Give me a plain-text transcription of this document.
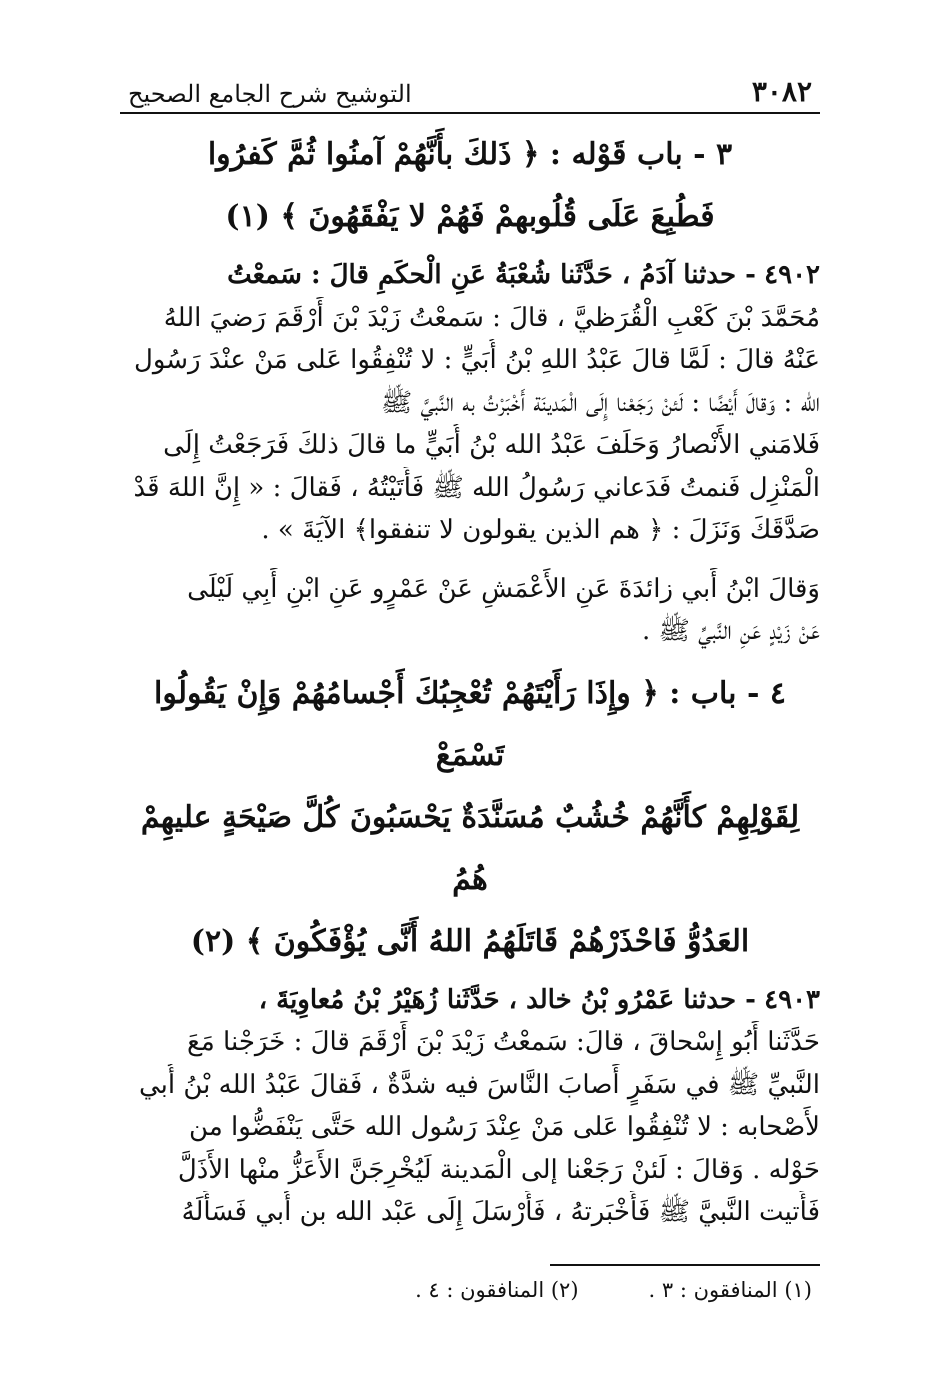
٣٠٨٢
التوشيح شرح الجامع الصحيح
٣ - باب قَوْله : ﴿ ذَلكَ بأَنَّهُمْ آمنُوا ثُمَّ كَفرُوا
فَطُبِعَ عَلَى قُلُوبهمْ فَهُمْ لا يَفْقَهُونَ ﴾ (١)
٤٩٠٢ - حدثنا آدَمُ ، حَدَّثَنا شُعْبَةُ عَنِ الْحكَمِ قالَ : سَمعْتُ
مُحَمَّدَ بْنَ كَعْبِ الْقُرَظيَّ ، قالَ : سَمعْتُ زَيْدَ بْنَ أَرْقَمَ رَضيَ اللهُ
عَنْهُ قالَ : لَمَّا قالَ عَبْدُ اللهِ بْنُ أُبَيٍّ : لا تُنْفِقُوا عَلى مَنْ عنْدَ رَسُول
الله : وَقالَ أَيْضًا : لَئنْ رَجَعْنا إِلَى الْمَدينَة أَخْبَرْتُ به النَّبيَّ ﷺ
فَلامَني الأَنْصارُ وَحَلَفَ عَبْدُ الله بْنُ أُبَيٍّ ما قالَ ذلكَ فَرَجَعْتُ إِلَى
الْمَنْزِل فَنمتُ فَدَعاني رَسُولُ الله ﷺ فَأَتَيْتُهُ ، فَقالَ : « إِنَّ اللهَ قَدْ
صَدَّقَكَ وَنَزَلَ : ﴿ هم الذين يقولون لا تنفقوا﴾ الآيَةَ » .
وَقالَ ابْنُ أَبي زائدَةَ عَنِ الأَعْمَشِ عَنْ عَمْرٍو عَنِ ابْنِ أَبِي لَيْلَى
عَنْ زَيْدٍ عَنِ النَّبيِّ ﷺ .
٤ - باب : ﴿ وإِذَا رَأَيْتَهُمْ تُعْجِبُكَ أَجْسامُهُمْ وَإِنْ يَقُولُوا تَسْمَعْ
لِقَوْلِهِمْ كأَنَّهُمْ خُشُبٌ مُسَنَّدَةٌ يَحْسَبُونَ كُلَّ صَيْحَةٍ عليهِمْ هُمُ
العَدُوُّ فَاحْذَرْهُمْ قَاتَلَهُمُ اللهُ أَنَّى يُؤْفَكُونَ ﴾ (٢)
٤٩٠٣ - حدثنا عَمْرُو بْنُ خالد ، حَدَّثَنا زُهَيْرُ بْنُ مُعاوِيَةَ ،
حَدَّثَنا أَبُو إِسْحاقَ ، قالَ: سَمعْتُ زَيْدَ بْنَ أَرْقَمَ قالَ : خَرَجْنا مَعَ
النَّبيِّ ﷺ في سَفَرٍ أَصابَ النَّاسَ فيه شدَّةٌ ، فَقالَ عَبْدُ الله بْنُ أُبي
لأَصْحابه : لا تُنْفِقُوا عَلى مَنْ عِنْدَ رَسُول الله حَتَّى يَنْفَضُّوا من
حَوْله . وَقالَ : لَئنْ رَجَعْنا إلى الْمَدينة لَيُخْرِجَنَّ الأَعَزُّ منْها الأَذَلَّ
فَأَتيت النَّبيَّ ﷺ فَأَخْبَرتهُ ، فَأَرْسَلَ إِلَى عَبْد الله بن أُبي فَسَأَلَهُ
(١) المنافقون : ٣ .
(٢) المنافقون : ٤ .
